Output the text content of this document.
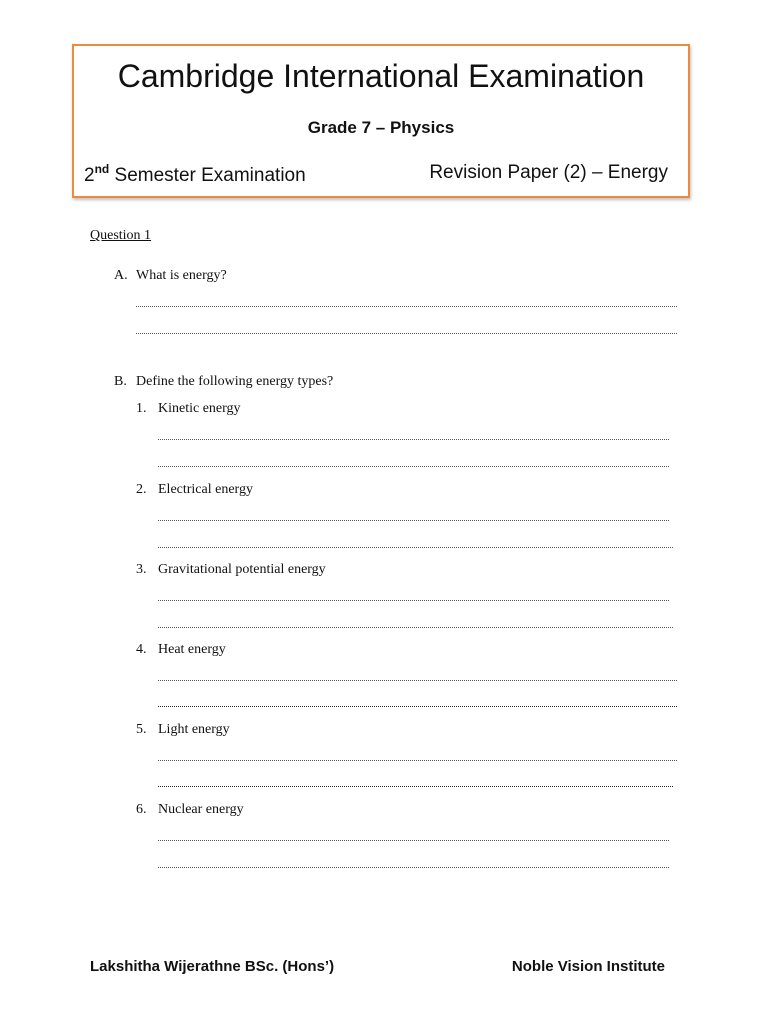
Cambridge International Examination
Grade 7 – Physics
2nd Semester Examination	Revision Paper (2) – Energy
Question 1
A. What is energy?
B. Define the following energy types?
1. Kinetic energy
2. Electrical energy
3. Gravitational potential energy
4. Heat energy
5. Light energy
6. Nuclear energy
Lakshitha Wijerathne BSc. (Hons’)	Noble Vision Institute
